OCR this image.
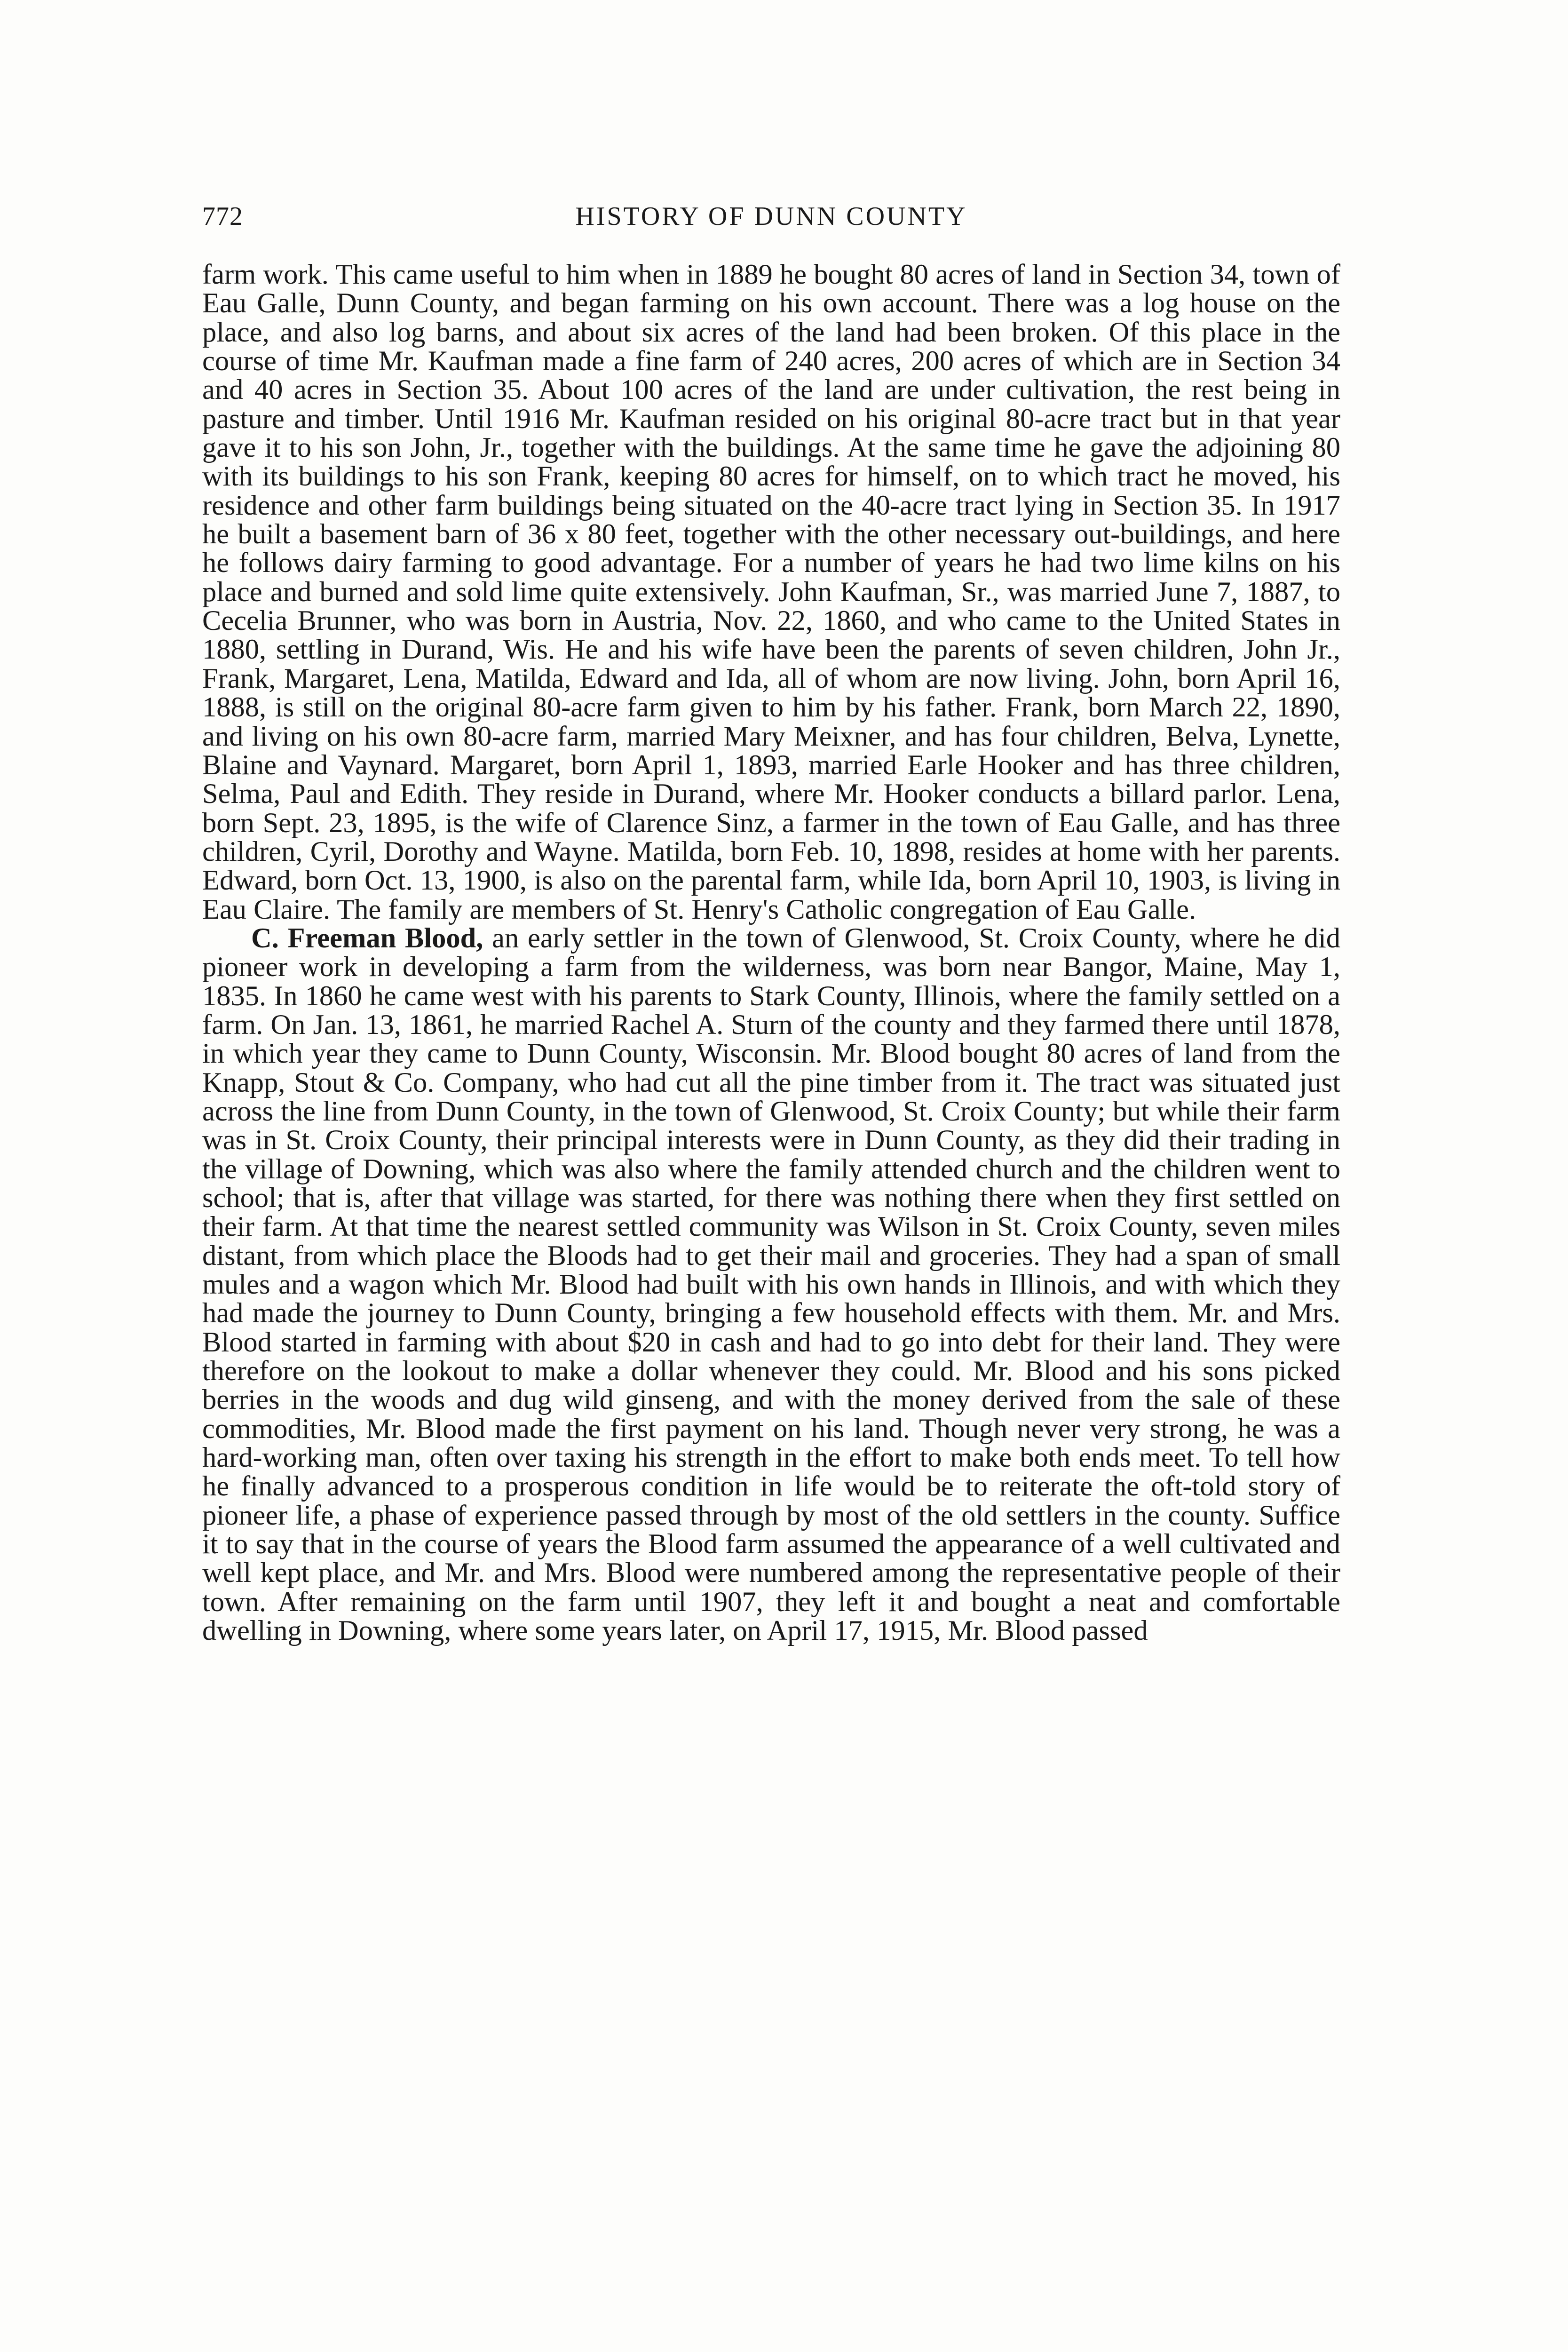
772	HISTORY OF DUNN COUNTY

farm work. This came useful to him when in 1889 he bought 80 acres of land in Section 34, town of Eau Galle, Dunn County, and began farming on his own account. There was a log house on the place, and also log barns, and about six acres of the land had been broken. Of this place in the course of time Mr. Kaufman made a fine farm of 240 acres, 200 acres of which are in Section 34 and 40 acres in Section 35. About 100 acres of the land are under cultivation, the rest being in pasture and timber. Until 1916 Mr. Kaufman resided on his original 80-acre tract but in that year gave it to his son John, Jr., together with the buildings. At the same time he gave the adjoining 80 with its buildings to his son Frank, keeping 80 acres for himself, on to which tract he moved, his residence and other farm buildings being situated on the 40-acre tract lying in Section 35. In 1917 he built a basement barn of 36 x 80 feet, together with the other necessary out-buildings, and here he follows dairy farming to good advantage. For a number of years he had two lime kilns on his place and burned and sold lime quite extensively. John Kaufman, Sr., was married June 7, 1887, to Cecelia Brunner, who was born in Austria, Nov. 22, 1860, and who came to the United States in 1880, settling in Durand, Wis. He and his wife have been the parents of seven children, John Jr., Frank, Margaret, Lena, Matilda, Edward and Ida, all of whom are now living. John, born April 16, 1888, is still on the original 80-acre farm given to him by his father. Frank, born March 22, 1890, and living on his own 80-acre farm, married Mary Meixner, and has four children, Belva, Lynette, Blaine and Vaynard. Margaret, born April 1, 1893, married Earle Hooker and has three children, Selma, Paul and Edith. They reside in Durand, where Mr. Hooker conducts a billard parlor. Lena, born Sept. 23, 1895, is the wife of Clarence Sinz, a farmer in the town of Eau Galle, and has three children, Cyril, Dorothy and Wayne. Matilda, born Feb. 10, 1898, resides at home with her parents. Edward, born Oct. 13, 1900, is also on the parental farm, while Ida, born April 10, 1903, is living in Eau Claire. The family are members of St. Henry's Catholic congregation of Eau Galle.

C. Freeman Blood, an early settler in the town of Glenwood, St. Croix County, where he did pioneer work in developing a farm from the wilderness, was born near Bangor, Maine, May 1, 1835. In 1860 he came west with his parents to Stark County, Illinois, where the family settled on a farm. On Jan. 13, 1861, he married Rachel A. Sturn of the county and they farmed there until 1878, in which year they came to Dunn County, Wisconsin. Mr. Blood bought 80 acres of land from the Knapp, Stout & Co. Company, who had cut all the pine timber from it. The tract was situated just across the line from Dunn County, in the town of Glenwood, St. Croix County; but while their farm was in St. Croix County, their principal interests were in Dunn County, as they did their trading in the village of Downing, which was also where the family attended church and the children went to school; that is, after that village was started, for there was nothing there when they first settled on their farm. At that time the nearest settled community was Wilson in St. Croix County, seven miles distant, from which place the Bloods had to get their mail and groceries. They had a span of small mules and a wagon which Mr. Blood had built with his own hands in Illinois, and with which they had made the journey to Dunn County, bringing a few household effects with them. Mr. and Mrs. Blood started in farming with about $20 in cash and had to go into debt for their land. They were therefore on the lookout to make a dollar whenever they could. Mr. Blood and his sons picked berries in the woods and dug wild ginseng, and with the money derived from the sale of these commodities, Mr. Blood made the first payment on his land. Though never very strong, he was a hard-working man, often over taxing his strength in the effort to make both ends meet. To tell how he finally advanced to a prosperous condition in life would be to reiterate the oft-told story of pioneer life, a phase of experience passed through by most of the old settlers in the county. Suffice it to say that in the course of years the Blood farm assumed the appearance of a well cultivated and well kept place, and Mr. and Mrs. Blood were numbered among the representative people of their town. After remaining on the farm until 1907, they left it and bought a neat and comfortable dwelling in Downing, where some years later, on April 17, 1915, Mr. Blood passed
